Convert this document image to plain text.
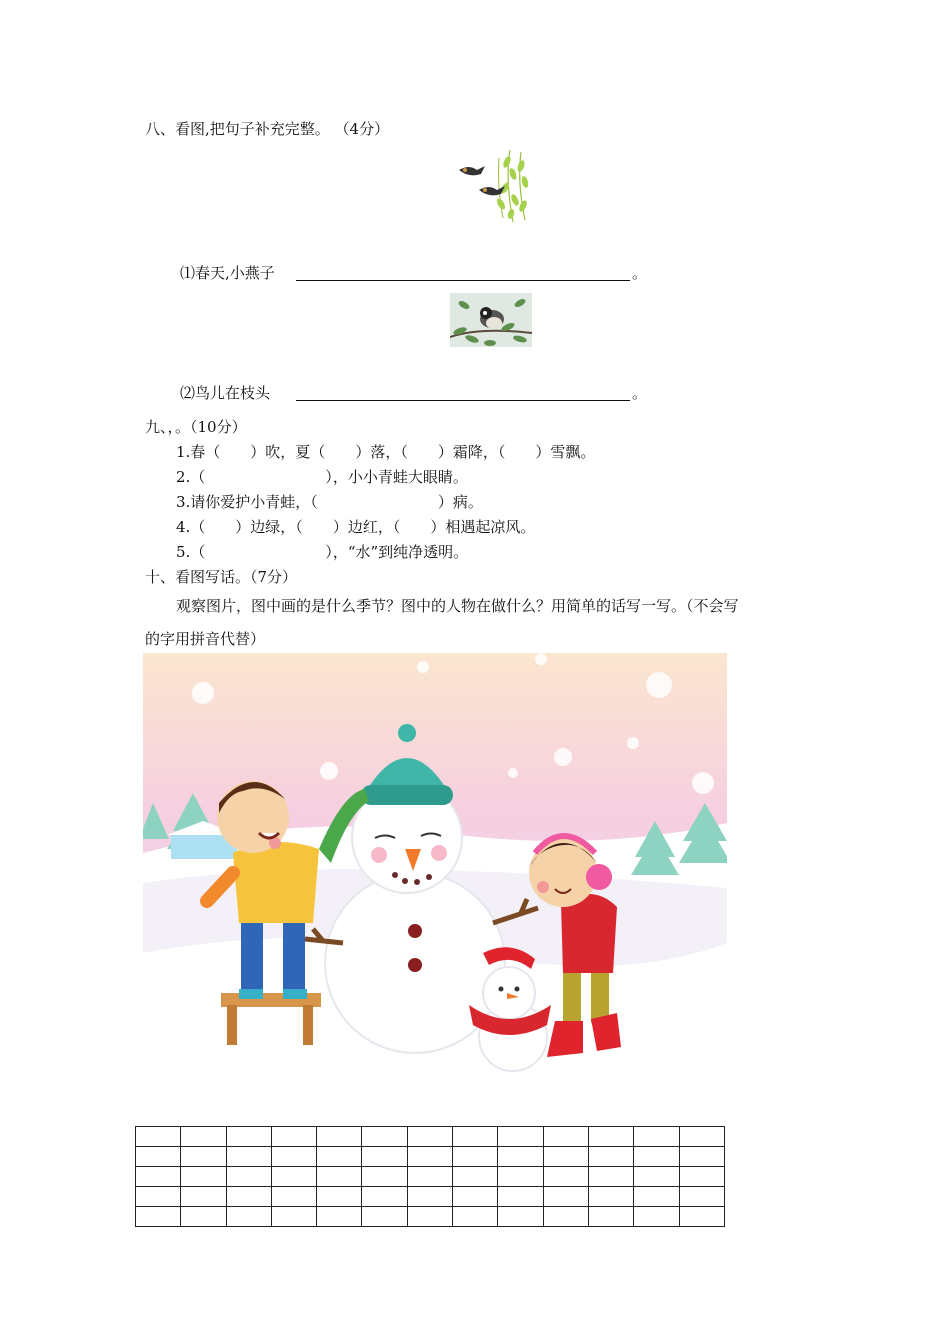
八、看图,把句子补充完整。 （4分）
⑴春天,小燕子	。
⑵鸟儿在枝头	。
九、，。（10分）
1.春（　　）吹，夏（　　）落，（　　）霜降，（　　）雪飘。
2.（　　　　　　　　），小小青蛙大眼睛。
3.请你爱护小青蛙，（　　　　　　　　）病。
4.（　　）边绿，（　　）边红，（　　）相遇起凉风。
5.（　　　　　　　　），“水”到纯净透明。
十、看图写话。（7分）
观察图片，图中画的是什么季节？图中的人物在做什么？用简单的话写一写。（不会写
的字用拼音代替）
